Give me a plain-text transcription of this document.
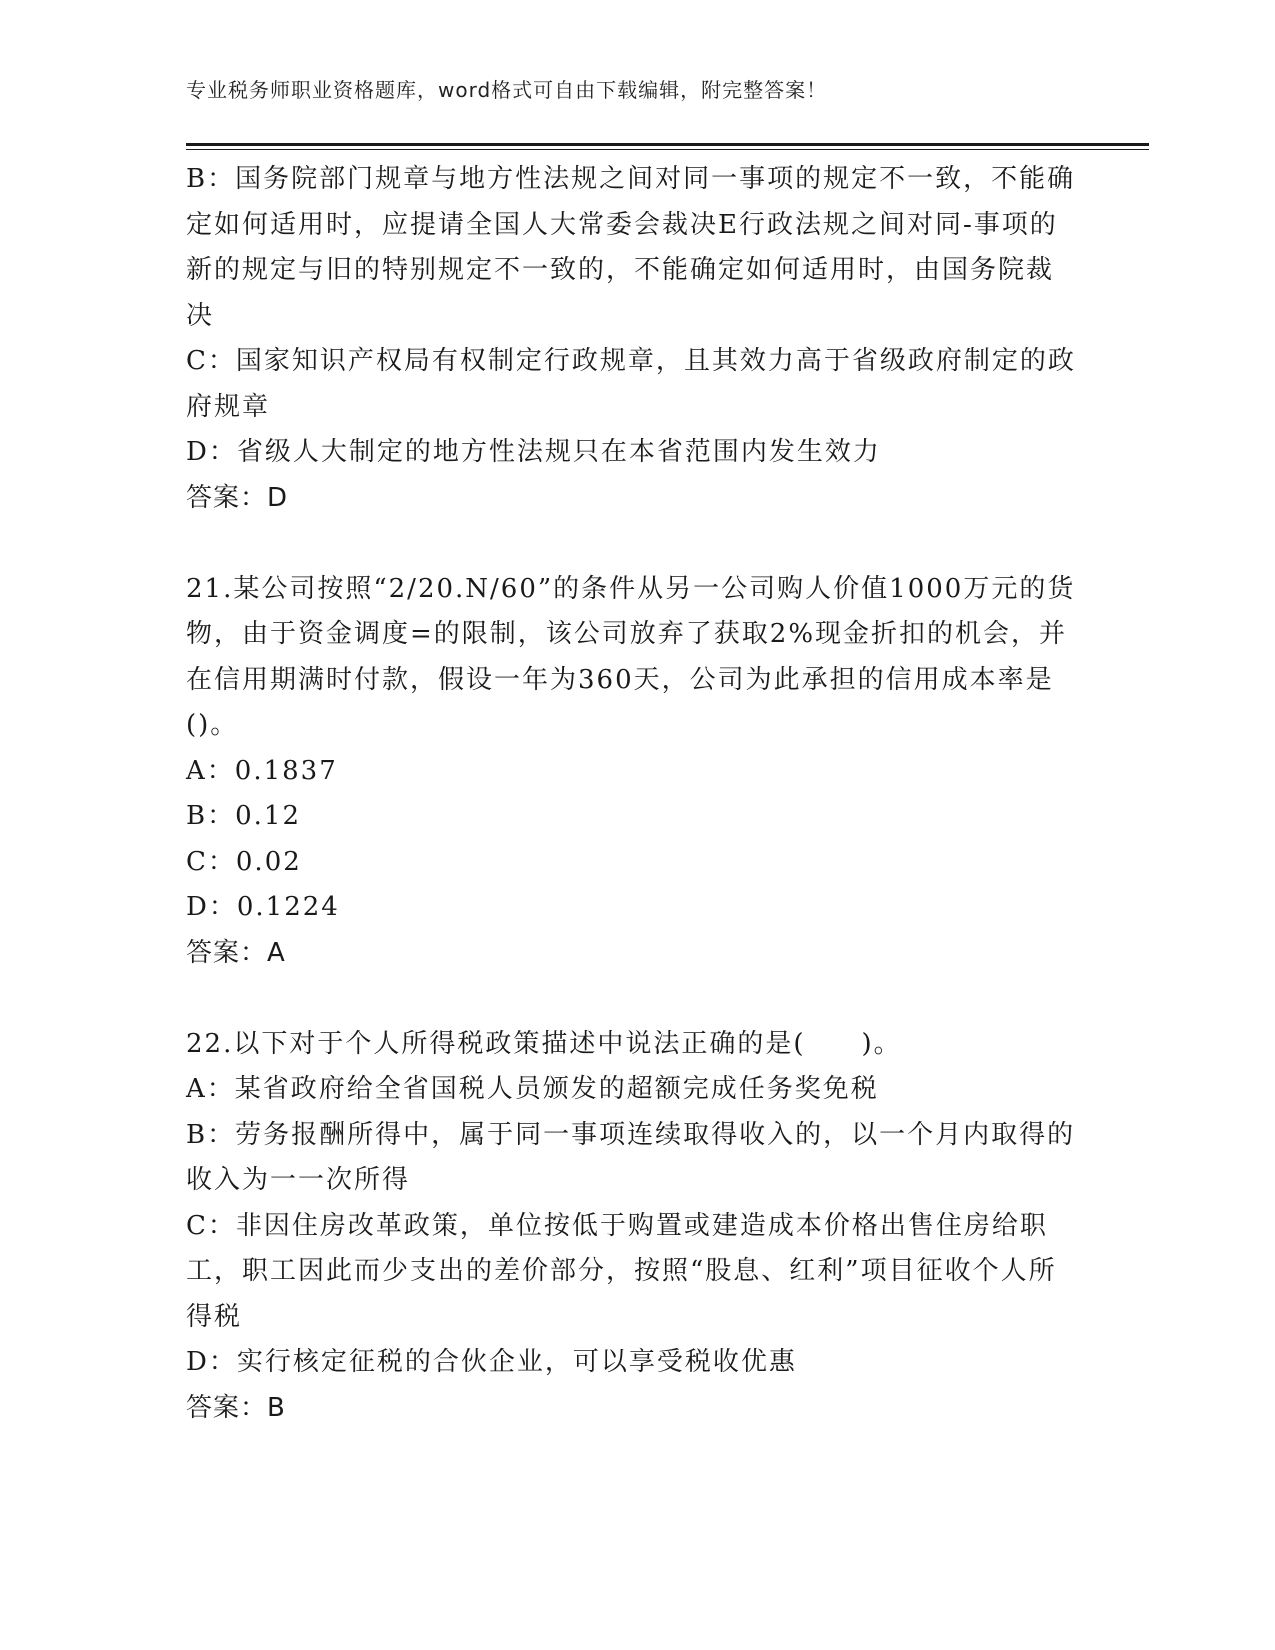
专业税务师职业资格题库，word格式可自由下载编辑，附完整答案！

B：国务院部门规章与地方性法规之间对同一事项的规定不一致，不能确定如何适用时，应提请全国人大常委会裁决E行政法规之间对同-事项的新的规定与旧的特别规定不一致的，不能确定如何适用时，由国务院裁决

C：国家知识产权局有权制定行政规章，且其效力高于省级政府制定的政府规章

D：省级人大制定的地方性法规只在本省范围内发生效力

答案：D

21.某公司按照“2/20.N/60”的条件从另一公司购人价值1000万元的货物，由于资金调度=的限制，该公司放弃了获取2%现金折扣的机会，并在信用期满时付款，假设一年为360天，公司为此承担的信用成本率是()。

A：0.1837

B：0.12

C：0.02

D：0.1224

答案：A

22.以下对于个人所得税政策描述中说法正确的是(　　)。

A：某省政府给全省国税人员颁发的超额完成任务奖免税

B：劳务报酬所得中，属于同一事项连续取得收入的，以一个月内取得的收入为一一次所得

C：非因住房改革政策，单位按低于购置或建造成本价格出售住房给职工，职工因此而少支出的差价部分，按照“股息、红利”项目征收个人所得税

D：实行核定征税的合伙企业，可以享受税收优惠

答案：B
